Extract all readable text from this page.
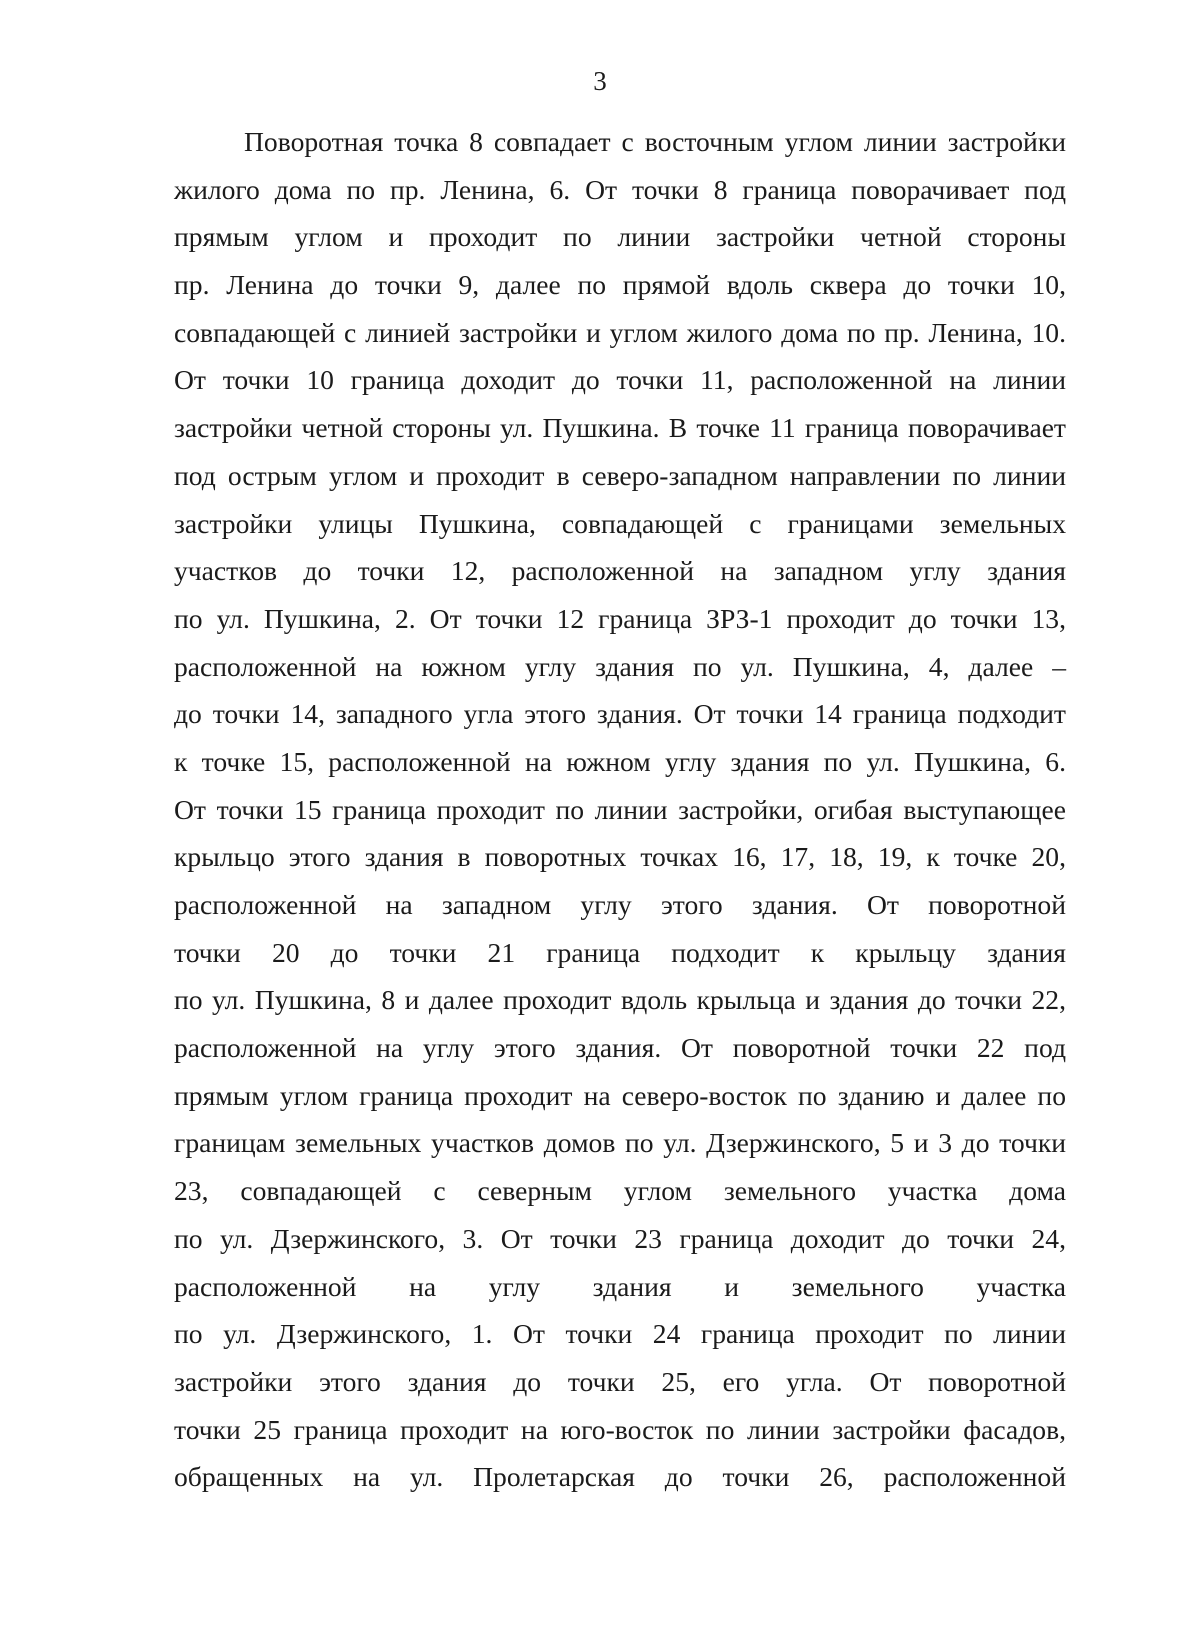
3
Поворотная точка 8 совпадает с восточным углом линии застройки
жилого дома по пр. Ленина, 6. От точки 8 граница поворачивает под
прямым углом и проходит по линии застройки четной стороны
пр. Ленина до точки 9, далее по прямой вдоль сквера до точки 10,
совпадающей с линией застройки и углом жилого дома по пр. Ленина, 10.
От точки 10 граница доходит до точки 11, расположенной на линии
застройки четной стороны ул. Пушкина. В точке 11 граница поворачивает
под острым углом и проходит в северо-западном направлении по линии
застройки улицы Пушкина, совпадающей с границами земельных
участков до точки 12, расположенной на западном углу здания
по ул. Пушкина, 2. От точки 12 граница ЗРЗ-1 проходит до точки 13,
расположенной на южном углу здания по ул. Пушкина, 4, далее –
до точки 14, западного угла этого здания. От точки 14 граница подходит
к точке 15, расположенной на южном углу здания по ул. Пушкина, 6.
От точки 15 граница проходит по линии застройки, огибая выступающее
крыльцо этого здания в поворотных точках 16, 17, 18, 19, к точке 20,
расположенной на западном углу этого здания. От поворотной
точки 20 до точки 21 граница подходит к крыльцу здания
по ул. Пушкина, 8 и далее проходит вдоль крыльца и здания до точки 22,
расположенной на углу этого здания. От поворотной точки 22 под
прямым углом граница проходит на северо-восток по зданию и далее по
границам земельных участков домов по ул. Дзержинского, 5 и 3 до точки
23, совпадающей с северным углом земельного участка дома
по ул. Дзержинского, 3. От точки 23 граница доходит до точки 24,
расположенной на углу здания и земельного участка
по ул. Дзержинского, 1. От точки 24 граница проходит по линии
застройки этого здания до точки 25, его угла. От поворотной
точки 25 граница проходит на юго-восток по линии застройки фасадов,
обращенных на ул. Пролетарская до точки 26, расположенной
